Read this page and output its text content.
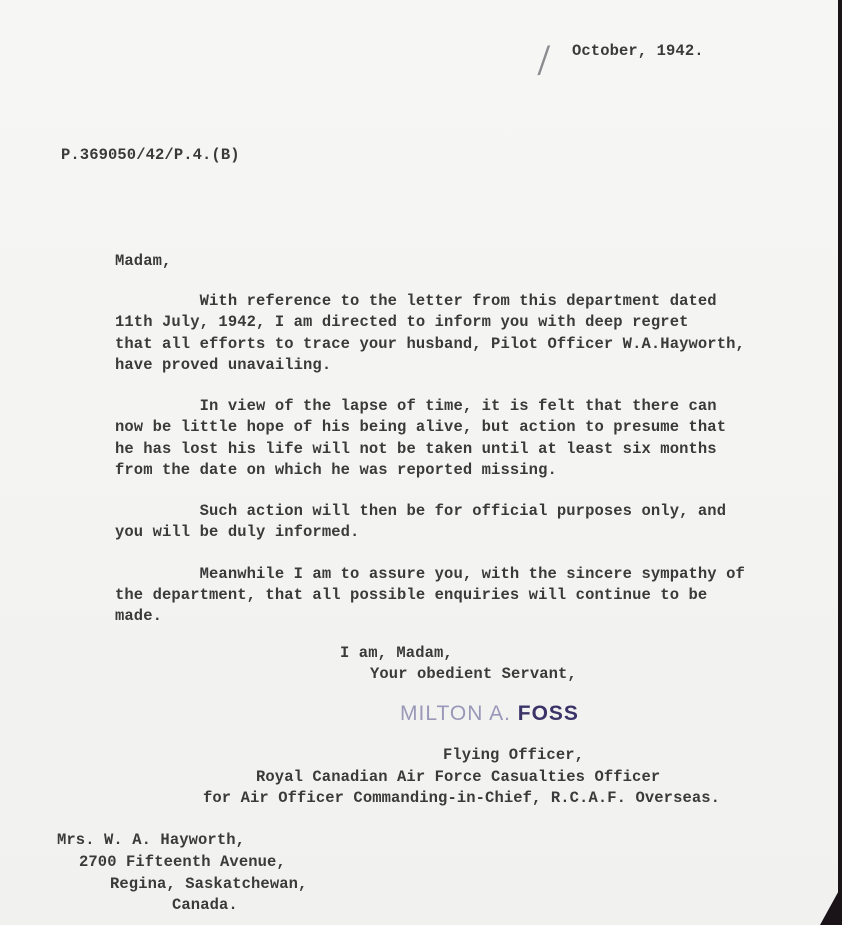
/ October, 1942.
P.369050/42/P.4.(B)
Madam,
With reference to the letter from this department dated
11th July, 1942, I am directed to inform you with deep regret
that all efforts to trace your husband, Pilot Officer W.A.Hayworth,
have proved unavailing.
In view of the lapse of time, it is felt that there can
now be little hope of his being alive, but action to presume that
he has lost his life will not be taken until at least six months
from the date on which he was reported missing.
Such action will then be for official purposes only, and
you will be duly informed.
Meanwhile I am to assure you, with the sincere sympathy of
the department, that all possible enquiries will continue to be
made.
I am, Madam,
Your obedient Servant,
MILTON A. FOSS
Flying Officer,
Royal Canadian Air Force Casualties Officer
for Air Officer Commanding-in-Chief, R.C.A.F. Overseas.
Mrs. W. A. Hayworth,
2700 Fifteenth Avenue,
Regina, Saskatchewan,
Canada.
